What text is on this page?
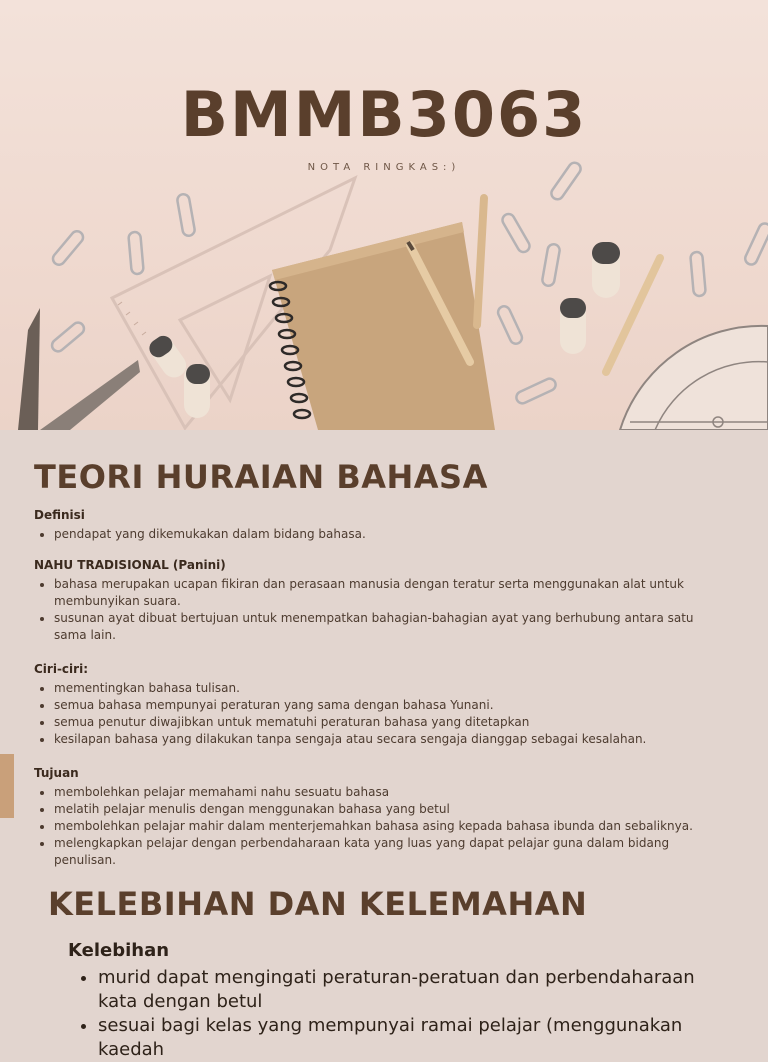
BMMB3063
NOTA RINGKAS:)
TEORI HURAIAN BAHASA
Definisi
• pendapat yang dikemukakan dalam bidang bahasa.
NAHU TRADISIONAL (Panini)
• bahasa merupakan ucapan fikiran dan perasaan manusia dengan teratur serta menggunakan alat untuk membunyikan suara.
• susunan ayat dibuat bertujuan untuk menempatkan bahagian-bahagian ayat yang berhubung antara satu sama lain.
Ciri-ciri:
• mementingkan bahasa tulisan.
• semua bahasa mempunyai peraturan yang sama dengan bahasa Yunani.
• semua penutur diwajibkan untuk mematuhi peraturan bahasa yang ditetapkan
• kesilapan bahasa yang dilakukan tanpa sengaja atau secara sengaja dianggap sebagai kesalahan.
Tujuan
• membolehkan pelajar memahami nahu sesuatu bahasa
• melatih pelajar menulis dengan menggunakan bahasa yang betul
• membolehkan pelajar mahir dalam menterjemahkan bahasa asing kepada bahasa ibunda dan sebaliknya.
• melengkapkan pelajar dengan perbendaharaan kata yang luas yang dapat pelajar guna dalam bidang penulisan.
KELEBIHAN DAN KELEMAHAN
Kelebihan
• murid dapat mengingati peraturan-peratuan dan perbendaharaan kata dengan betul
• sesuai bagi kelas yang mempunyai ramai pelajar (menggunakan kaedah
